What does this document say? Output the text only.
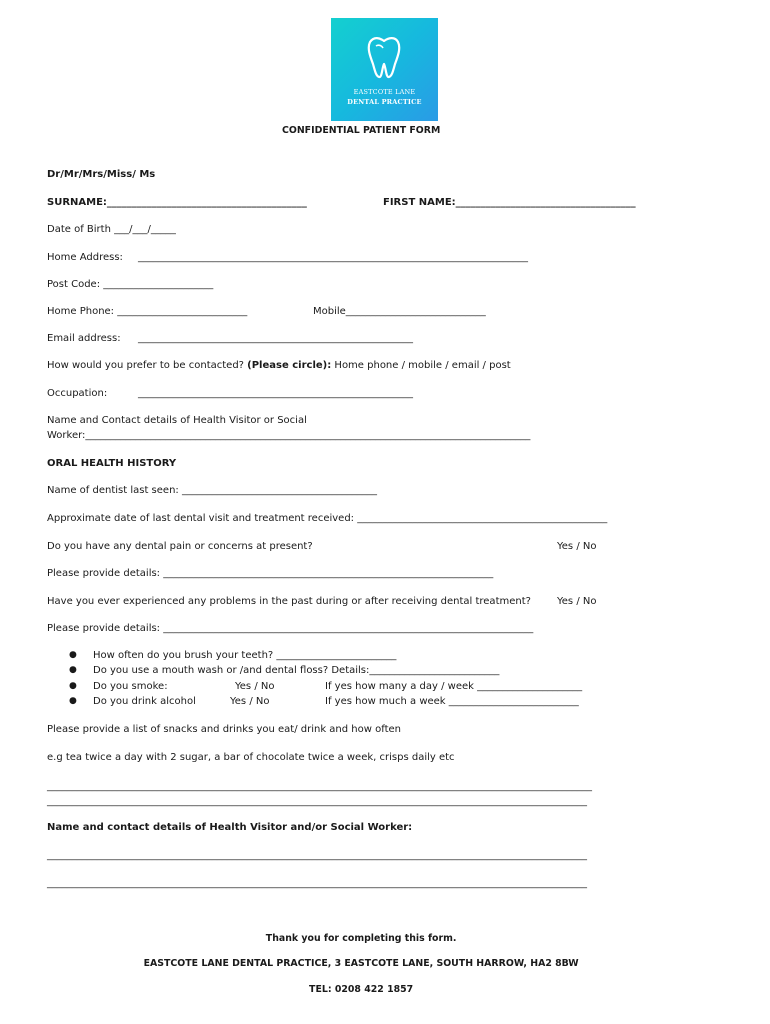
EASTCOTE LANE
DENTAL PRACTICE
CONFIDENTIAL PATIENT FORM
Dr/Mr/Mrs/Miss/ Ms
SURNAME:________________________________________	FIRST NAME:____________________________________
Date of Birth ___/___/_____
Home Address: ______________________________________________________________________________
Post Code: ______________________
Home Phone: __________________________	Mobile____________________________
Email address: _______________________________________________________
How would you prefer to be contacted? (Please circle): Home phone / mobile / email / post
Occupation:	_______________________________________________________
Name and Contact details of Health Visitor or Social
Worker:_________________________________________________________________________________________
ORAL HEALTH HISTORY
Name of dentist last seen: _______________________________________
Approximate date of last dental visit and treatment received: __________________________________________________
Do you have any dental pain or concerns at present?	Yes / No
Please provide details: __________________________________________________________________
Have you ever experienced any problems in the past during or after receiving dental treatment?	Yes / No
Please provide details: __________________________________________________________________________
● How often do you brush your teeth? ________________________
● Do you use a mouth wash or /and dental floss? Details:__________________________
● Do you smoke:	Yes / No	If yes how many a day / week _____________________
● Do you drink alcohol	Yes / No	If yes how much a week __________________________
Please provide a list of snacks and drinks you eat/ drink and how often
e.g tea twice a day with 2 sugar, a bar of chocolate twice a week, crisps daily etc
_____________________________________________________________________________________________________________
____________________________________________________________________________________________________________
Name and contact details of Health Visitor and/or Social Worker:
____________________________________________________________________________________________________________
____________________________________________________________________________________________________________
Thank you for completing this form.
EASTCOTE LANE DENTAL PRACTICE, 3 EASTCOTE LANE, SOUTH HARROW, HA2 8BW
TEL: 0208 422 1857
